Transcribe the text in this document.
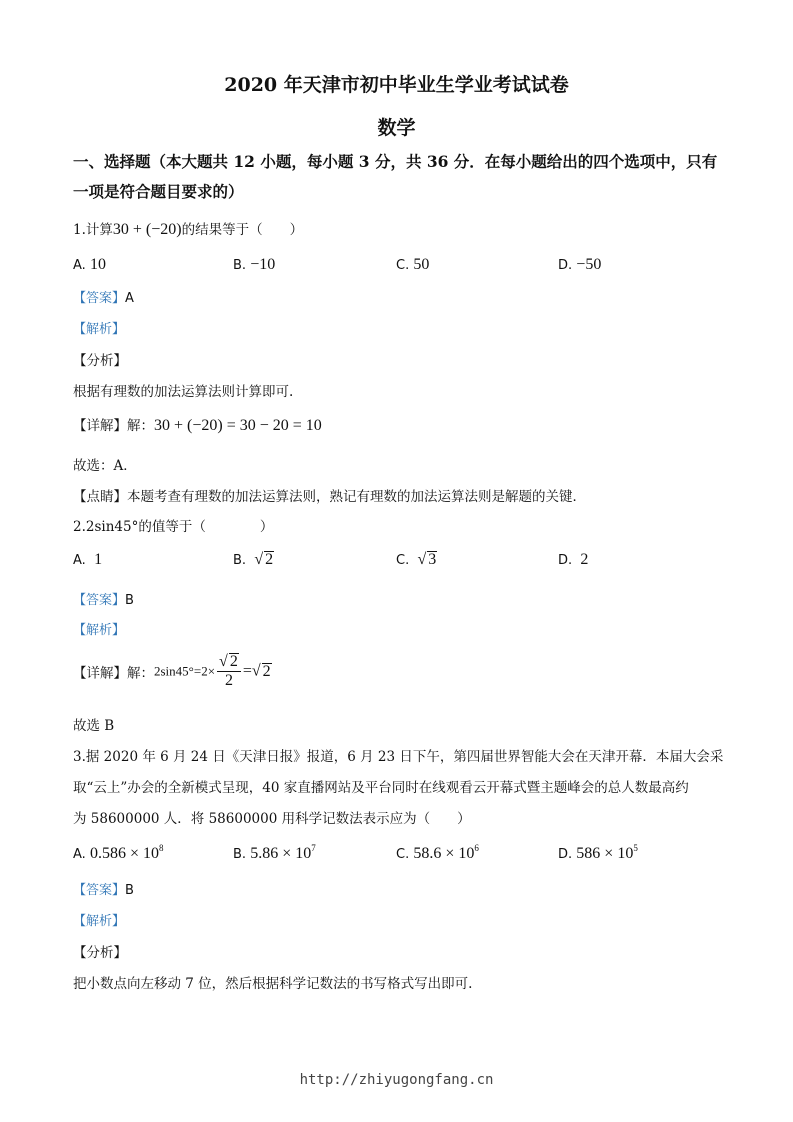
2020 年天津市初中毕业生学业考试试卷
数学
一、选择题（本大题共 12 小题，每小题 3 分，共 36 分．在每小题给出的四个选项中，只有
一项是符合题目要求的）
1.计算30 + (−20)的结果等于（　　）
A. 10	B. −10	C. 50	D. −50
【答案】A
【解析】
【分析】
根据有理数的加法运算法则计算即可.
【详解】解：30 + (−20) = 30 − 20 = 10
故选：A．
【点睛】本题考查有理数的加法运算法则，熟记有理数的加法运算法则是解题的关键．
2.2sin45°的值等于（　　　　）
A. 1	B. √ 2	C. √ 3	D. 2
【答案】B
【解析】
【详解】解：$2\sin 45^\circ=2\times \frac{√ 2}{2}$ =√ 2
故选 B
3.据 2020 年 6 月 24 日《天津日报》报道，6 月 23 日下午，第四届世界智能大会在天津开幕．本届大会采
取“云上”办会的全新模式呈现，40 家直播网站及平台同时在线观看云开幕式暨主题峰会的总人数最高约
为 58600000 人．将 58600000 用科学记数法表示应为（　　）
A. $0.586 \times 10^8$	B. $5.86 \times 10^7$	C. $58.6 \times 10^6$	D. $586 \times 10^5$
【答案】B
【解析】
【分析】
把小数点向左移动 7 位，然后根据科学记数法的书写格式写出即可.
http://zhiyugongfang.cn
